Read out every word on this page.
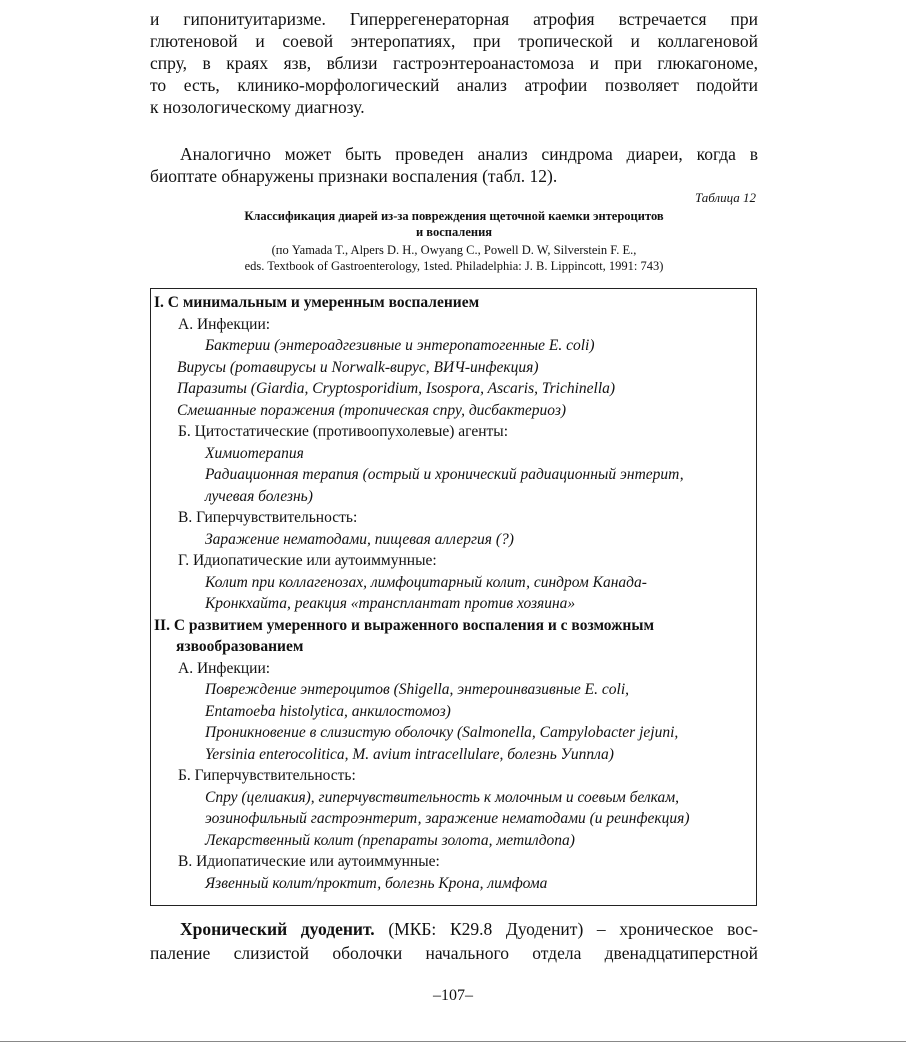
и гипонитуитаризме. Гиперрегенераторная атрофия встречается при
глютеновой и соевой энтеропатиях, при тропической и коллагеновой
спру, в краях язв, вблизи гастроэнтероанастомоза и при глюкагономе,
то есть, клинико-морфологический анализ атрофии позволяет подойти
к нозологическому диагнозу.
Аналогично может быть проведен анализ синдрома диареи, когда в
биоптате обнаружены признаки воспаления (табл. 12).
Таблица 12
Классификация диарей из-за повреждения щеточной каемки энтероцитов
и воспаления
(по Yamada T., Alpers D. H., Owyang C., Powell D. W, Silverstein F. E.,
eds. Textbook of Gastroenterology, 1sted. Philadelphia: J. B. Lippincott, 1991: 743)
I. С минимальным и умеренным воспалением
А. Инфекции:
Бактерии (энтероадгезивные и энтеропатогенные E. coli)
Вирусы (ротавирусы и Norwalk-вирус, ВИЧ-инфекция)
Паразиты (Giardia, Cryptosporidium, Isospora, Ascaris, Trichinella)
Смешанные поражения (тропическая спру, дисбактериоз)
Б. Цитостатические (противоопухолевые) агенты:
Химиотерапия
Радиационная терапия (острый и хронический радиационный энтерит,
лучевая болезнь)
В. Гиперчувствительность:
Заражение нематодами, пищевая аллергия (?)
Г. Идиопатические или аутоиммунные:
Колит при коллагенозах, лимфоцитарный колит, синдром Канада-
Кронкхайта, реакция «трансплантат против хозяина»
II. С развитием умеренного и выраженного воспаления и с возможным
язвообразованием
А. Инфекции:
Повреждение энтероцитов (Shigella, энтероинвазивные E. coli,
Entamoeba histolytica, анкилостомоз)
Проникновение в слизистую оболочку (Salmonella, Campylobacter jejuni,
Yersinia enterocolitica, M. avium intracellulare, болезнь Уиппла)
Б. Гиперчувствительность:
Спру (целиакия), гиперчувствительность к молочным и соевым белкам,
эозинофильный гастроэнтерит, заражение нематодами (и реинфекция)
Лекарственный колит (препараты золота, метилдопа)
В. Идиопатические или аутоиммунные:
Язвенный колит/проктит, болезнь Крона, лимфома
Хронический дуоденит. (МКБ: К29.8 Дуоденит) – хроническое вос-
паление слизистой оболочки начального отдела двенадцатиперстной
–107–
